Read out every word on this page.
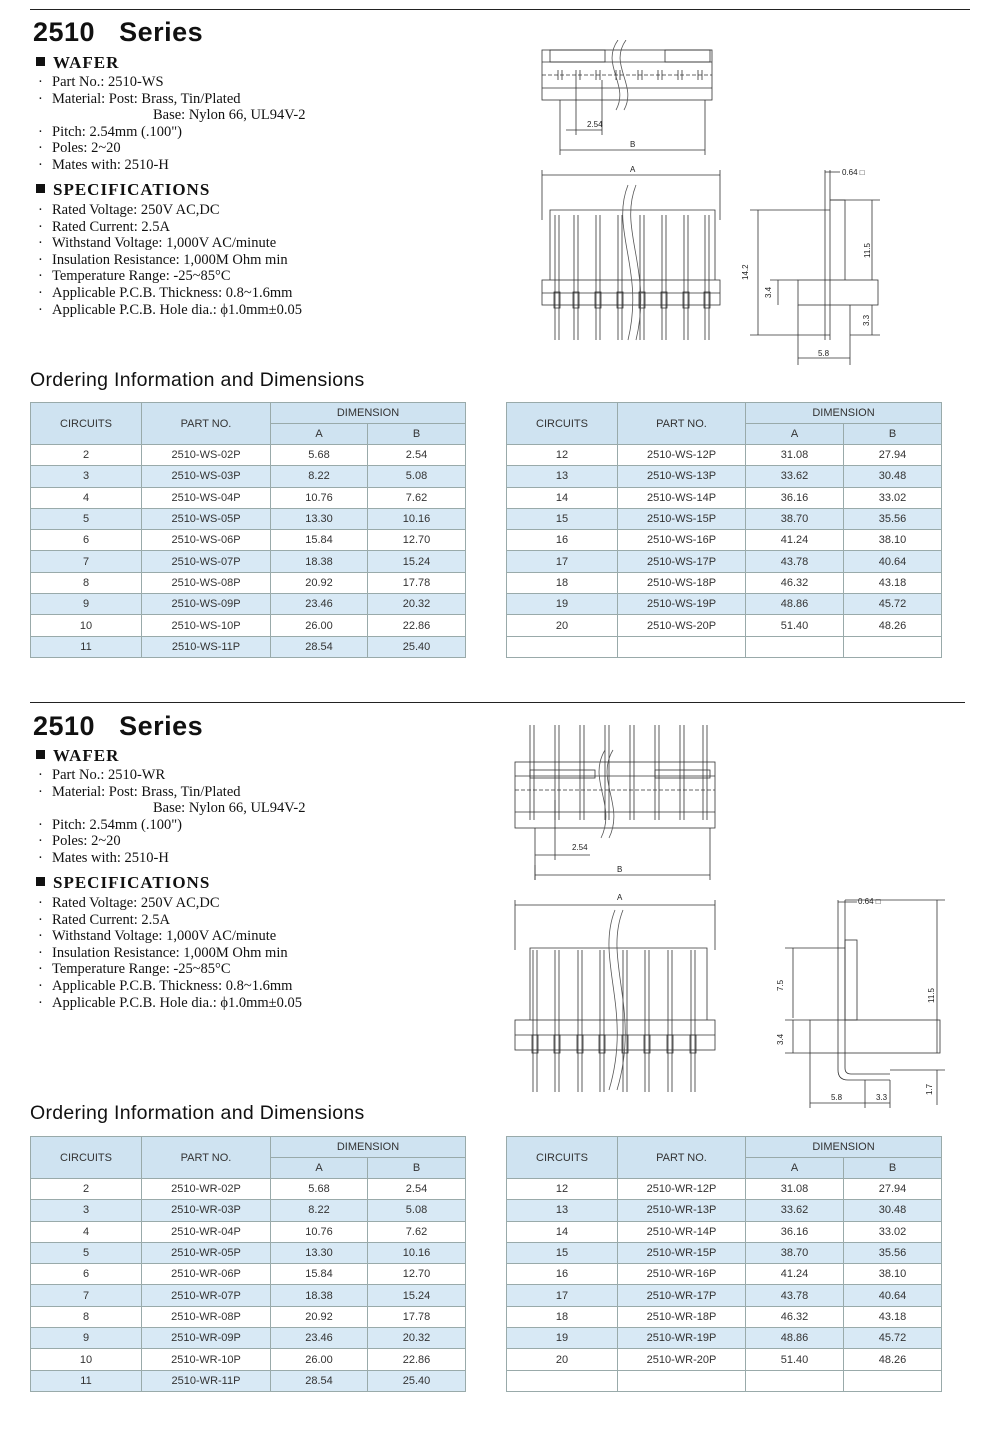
2510   Series
WAFER
· Part No.: 2510-WS
· Material: Post: Brass, Tin/Plated
Base: Nylon 66, UL94V-2
· Pitch: 2.54mm (.100")
· Poles: 2~20
· Mates with: 2510-H
SPECIFICATIONS
· Rated Voltage: 250V AC,DC
· Rated Current: 2.5A
· Withstand Voltage: 1,000V AC/minute
· Insulation Resistance: 1,000M Ohm min
· Temperature Range: -25~85°C
· Applicable P.C.B. Thickness: 0.8~1.6mm
· Applicable P.C.B. Hole dia.: ϕ1.0mm±0.05
2.54
B
A	0.64 □
14.2
11.5
3.4
3.3
5.8
Ordering Information and Dimensions
CIRCUITS	PART NO.	DIMENSION	
		A	B
2	2510-WS-02P	5.68	2.54
3	2510-WS-03P	8.22	5.08
4	2510-WS-04P	10.76	7.62
5	2510-WS-05P	13.30	10.16
6	2510-WS-06P	15.84	12.70
7	2510-WS-07P	18.38	15.24
8	2510-WS-08P	20.92	17.78
9	2510-WS-09P	23.46	20.32
10	2510-WS-10P	26.00	22.86
11	2510-WS-11P	28.54	25.40
CIRCUITS	PART NO.	DIMENSION	
		A	B
12	2510-WS-12P	31.08	27.94
13	2510-WS-13P	33.62	30.48
14	2510-WS-14P	36.16	33.02
15	2510-WS-15P	38.70	35.56
16	2510-WS-16P	41.24	38.10
17	2510-WS-17P	43.78	40.64
18	2510-WS-18P	46.32	43.18
19	2510-WS-19P	48.86	45.72
20	2510-WS-20P	51.40	48.26

2510   Series
WAFER
· Part No.: 2510-WR
· Material: Post: Brass, Tin/Plated
Base: Nylon 66, UL94V-2
· Pitch: 2.54mm (.100")
· Poles: 2~20
· Mates with: 2510-H
SPECIFICATIONS
· Rated Voltage: 250V AC,DC
· Rated Current: 2.5A
· Withstand Voltage: 1,000V AC/minute
· Insulation Resistance: 1,000M Ohm min
· Temperature Range: -25~85°C
· Applicable P.C.B. Thickness: 0.8~1.6mm
· Applicable P.C.B. Hole dia.: ϕ1.0mm±0.05
2.54
B
A	0.64 □
7.5
11.5
3.4
1.7
5.8	3.3
Ordering Information and Dimensions
CIRCUITS	PART NO.	DIMENSION	
		A	B
2	2510-WR-02P	5.68	2.54
3	2510-WR-03P	8.22	5.08
4	2510-WR-04P	10.76	7.62
5	2510-WR-05P	13.30	10.16
6	2510-WR-06P	15.84	12.70
7	2510-WR-07P	18.38	15.24
8	2510-WR-08P	20.92	17.78
9	2510-WR-09P	23.46	20.32
10	2510-WR-10P	26.00	22.86
11	2510-WR-11P	28.54	25.40
CIRCUITS	PART NO.	DIMENSION	
		A	B
12	2510-WR-12P	31.08	27.94
13	2510-WR-13P	33.62	30.48
14	2510-WR-14P	36.16	33.02
15	2510-WR-15P	38.70	35.56
16	2510-WR-16P	41.24	38.10
17	2510-WR-17P	43.78	40.64
18	2510-WR-18P	46.32	43.18
19	2510-WR-19P	48.86	45.72
20	2510-WR-20P	51.40	48.26
